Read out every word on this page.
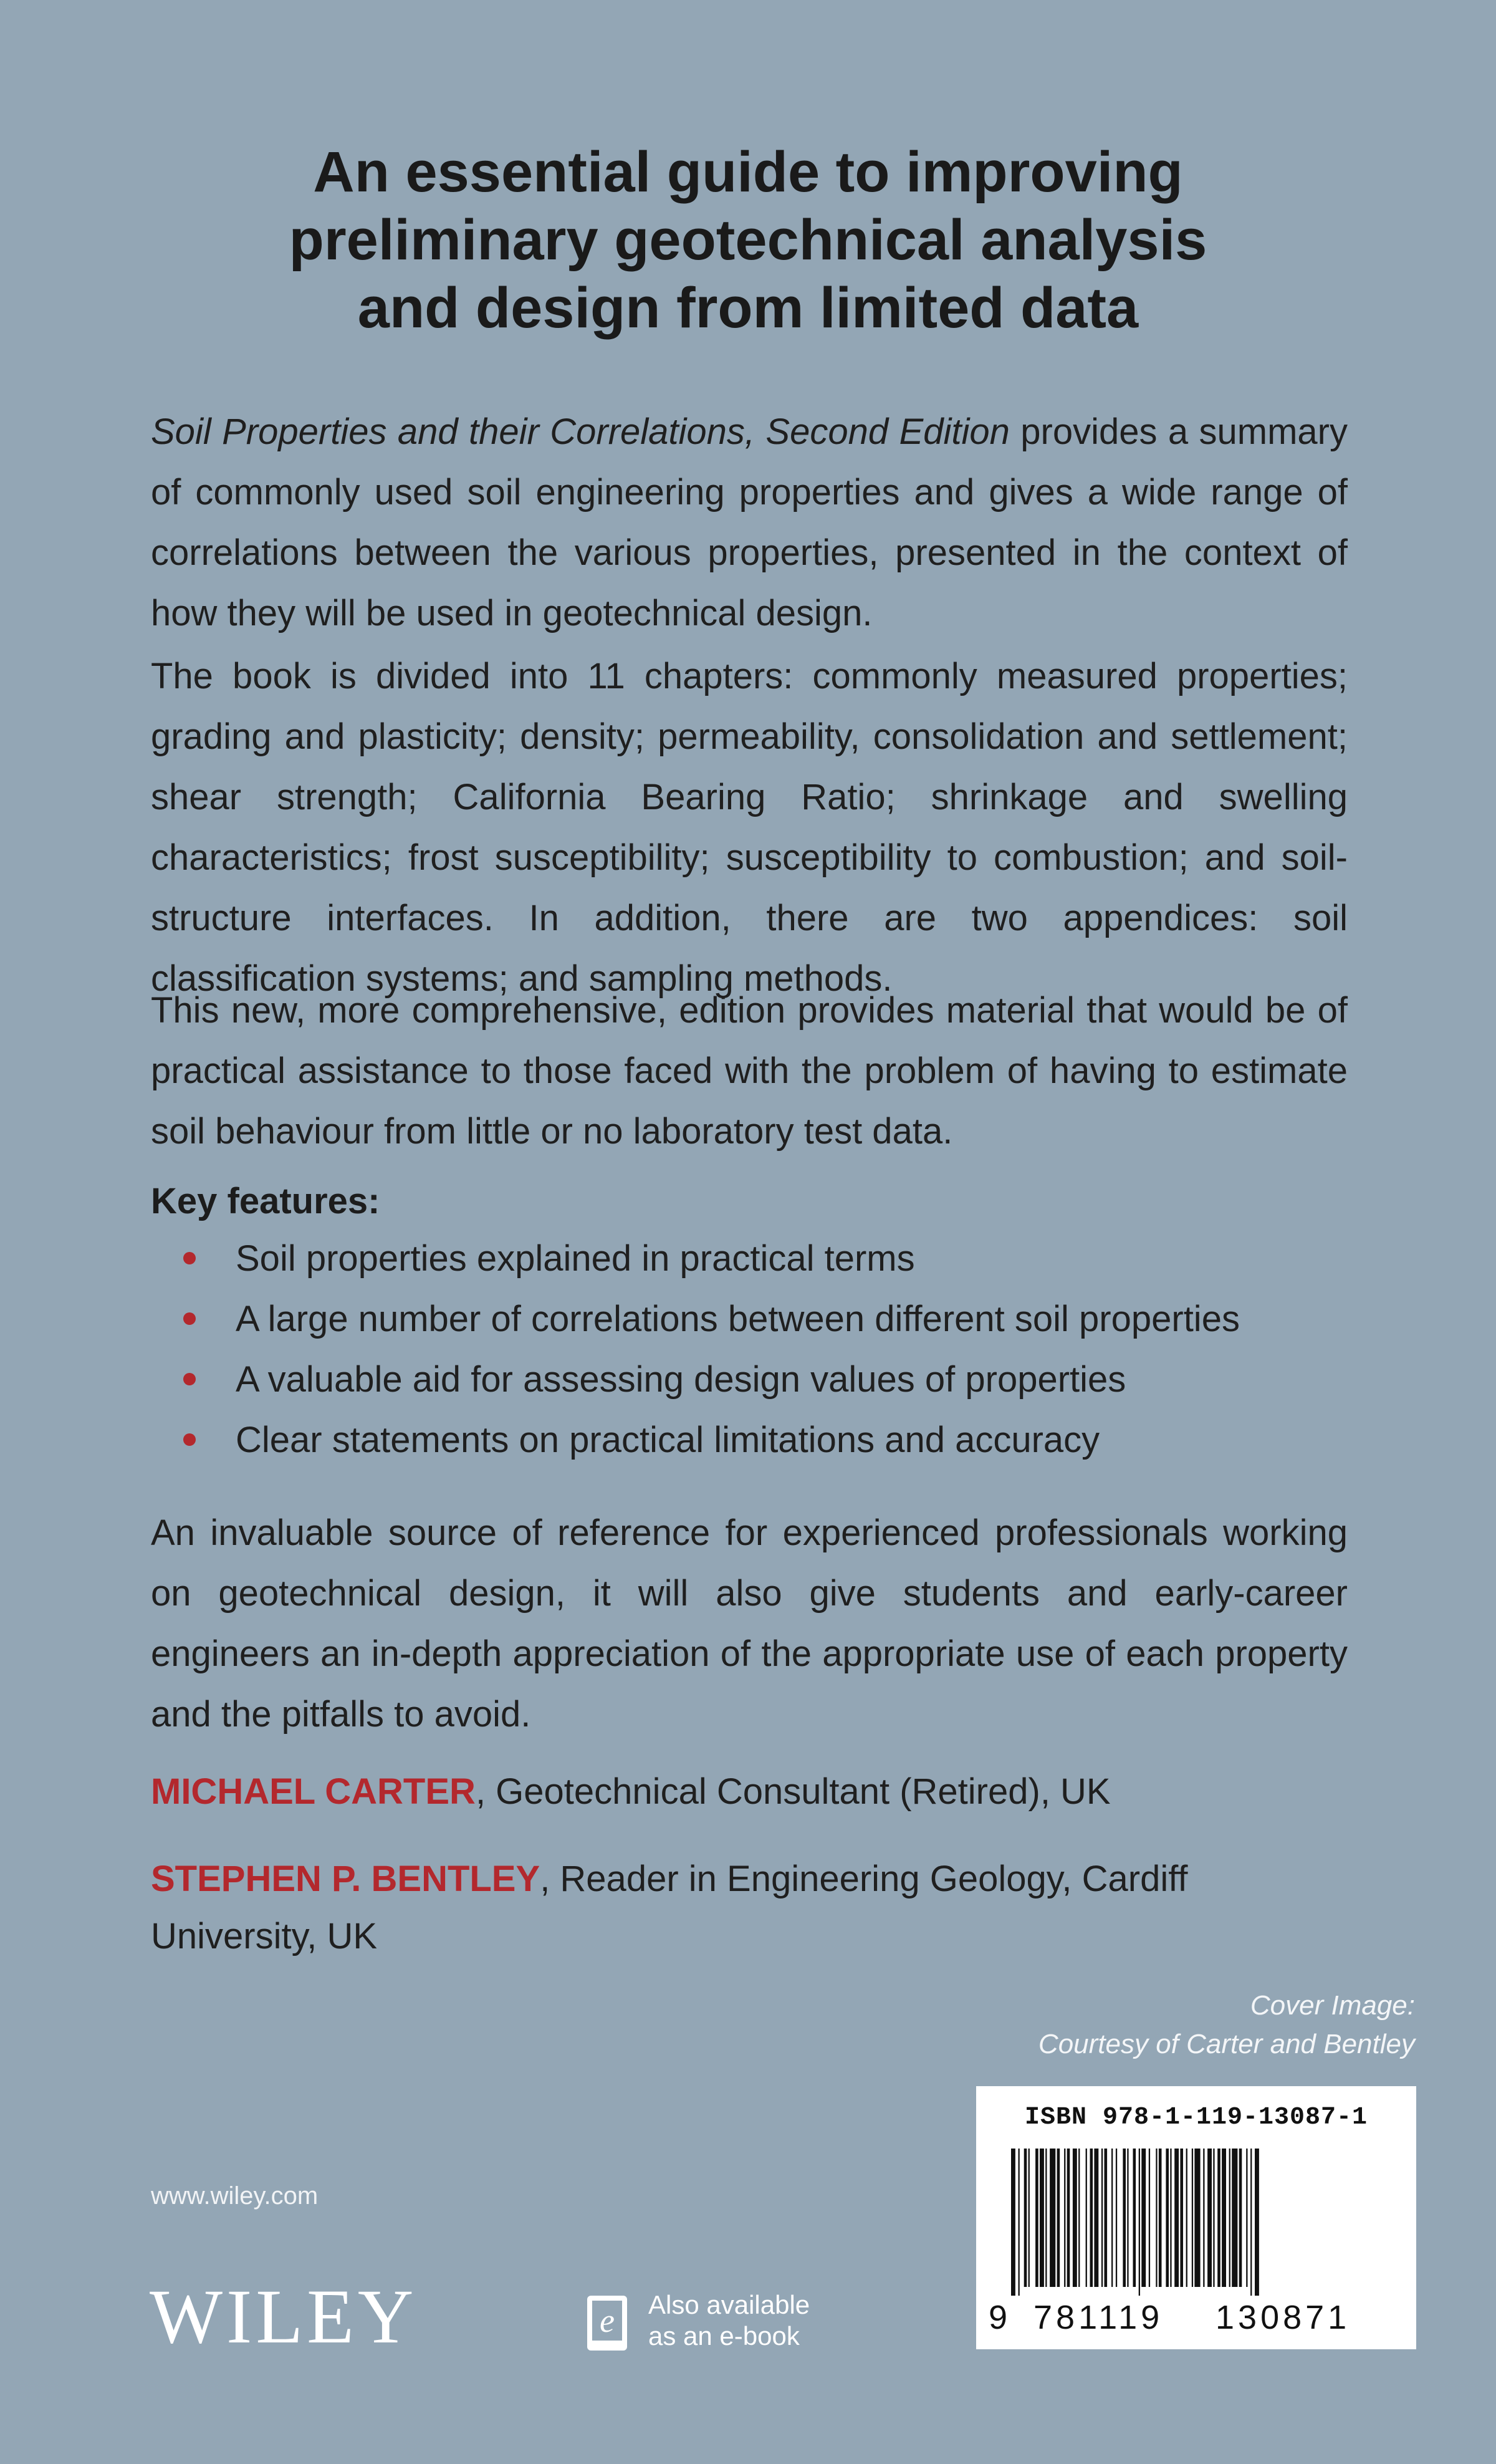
An essential guide to improving
preliminary geotechnical analysis
and design from limited data

Soil Properties and their Correlations, Second Edition provides a summary of commonly used soil engineering properties and gives a wide range of correlations between the various properties, presented in the context of how they will be used in geotechnical design.

The book is divided into 11 chapters: commonly measured properties; grading and plasticity; density; permeability, consolidation and settlement; shear strength; California Bearing Ratio; shrinkage and swelling characteristics; frost susceptibility; susceptibility to combustion; and soil-structure interfaces. In addition, there are two appendices: soil classification systems; and sampling methods.

This new, more comprehensive, edition provides material that would be of practical assistance to those faced with the problem of having to estimate soil behaviour from little or no laboratory test data.

Key features:

Soil properties explained in practical terms
A large number of correlations between different soil properties
A valuable aid for assessing design values of properties
Clear statements on practical limitations and accuracy

An invaluable source of reference for experienced professionals working on geotechnical design, it will also give students and early-career engineers an in-depth appreciation of the appropriate use of each property and the pitfalls to avoid.

MICHAEL CARTER, Geotechnical Consultant (Retired), UK

STEPHEN P. BENTLEY, Reader in Engineering Geology, Cardiff University, UK

Cover Image:
Courtesy of Carter and Bentley

ISBN 978-1-119-13087-1
9 781119 130871

www.wiley.com

WILEY	e Also available
as an e-book
